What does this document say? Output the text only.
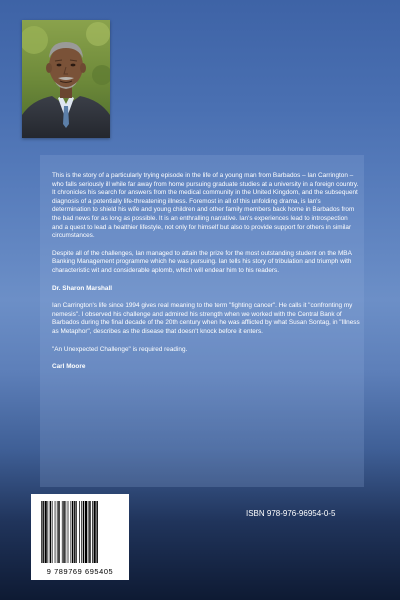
This is the story of a particularly trying episode in the life of a young man from Barbados – Ian Carrington – who falls seriously ill while far away from home pursuing graduate studies at a university in a foreign country. It chronicles his search for answers from the medical community in the United Kingdom, and the subsequent diagnosis of a potentially life-threatening illness. Foremost in all of this unfolding drama, is Ian's determination to shield his wife and young children and other family members back home in Barbados from the bad news for as long as possible. It is an enthralling narrative. Ian's experiences lead to introspection and a quest to lead a healthier lifestyle, not only for himself but also to provide support for others in similar circumstances.

Despite all of the challenges, Ian managed to attain the prize for the most outstanding student on the MBA Banking Management programme which he was pursuing. Ian tells his story of tribulation and triumph with characteristic wit and considerable aplomb, which will endear him to his readers.

Dr. Sharon Marshall

Ian Carrington's life since 1994 gives real meaning to the term "fighting cancer". He calls it "confronting my nemesis". I observed his challenge and admired his strength when we worked with the Central Bank of Barbados during the final decade of the 20th century when he was afflicted by what Susan Sontag, in "Illness as Metaphor", describes as the disease that doesn't knock before it enters.

"An Unexpected Challenge" is required reading.

Carl Moore

9 789769 695405
ISBN 978-976-96954-0-5
